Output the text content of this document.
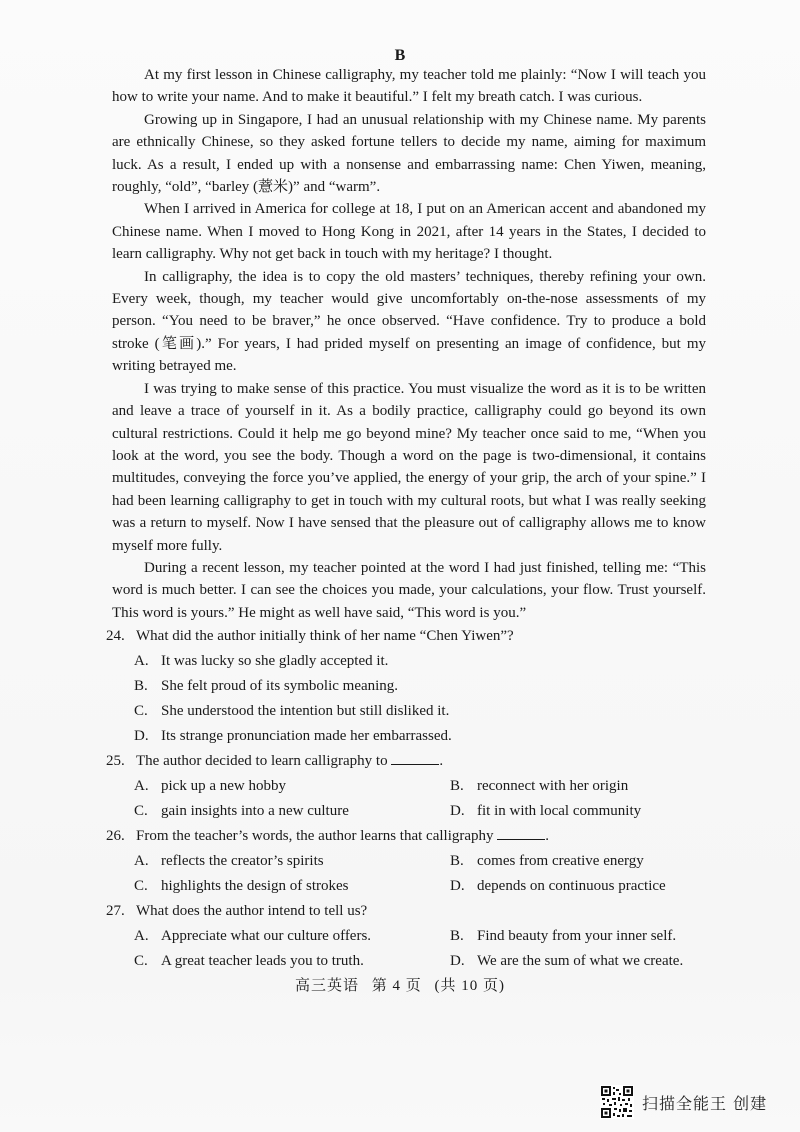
B

At my first lesson in Chinese calligraphy, my teacher told me plainly: “Now I will teach you how to write your name. And to make it beautiful.” I felt my breath catch. I was curious.

Growing up in Singapore, I had an unusual relationship with my Chinese name. My parents are ethnically Chinese, so they asked fortune tellers to decide my name, aiming for maximum luck. As a result, I ended up with a nonsense and embarrassing name: Chen Yiwen, meaning, roughly, “old”, “barley (薏米)” and “warm”.

When I arrived in America for college at 18, I put on an American accent and abandoned my Chinese name. When I moved to Hong Kong in 2021, after 14 years in the States, I decided to learn calligraphy. Why not get back in touch with my heritage? I thought.

In calligraphy, the idea is to copy the old masters’ techniques, thereby refining your own. Every week, though, my teacher would give uncomfortably on-the-nose assessments of my person. “You need to be braver,” he once observed. “Have confidence. Try to produce a bold stroke (笔画).” For years, I had prided myself on presenting an image of confidence, but my writing betrayed me.

I was trying to make sense of this practice. You must visualize the word as it is to be written and leave a trace of yourself in it. As a bodily practice, calligraphy could go beyond its own cultural restrictions. Could it help me go beyond mine? My teacher once said to me, “When you look at the word, you see the body. Though a word on the page is two-dimensional, it contains multitudes, conveying the force you’ve applied, the energy of your grip, the arch of your spine.” I had been learning calligraphy to get in touch with my cultural roots, but what I was really seeking was a return to myself. Now I have sensed that the pleasure out of calligraphy allows me to know myself more fully.

During a recent lesson, my teacher pointed at the word I had just finished, telling me: “This word is much better. I can see the choices you made, your calculations, your flow. Trust yourself. This word is yours.” He might as well have said, “This word is you.”

24. What did the author initially think of her name “Chen Yiwen”?
A. It was lucky so she gladly accepted it.
B. She felt proud of its symbolic meaning.
C. She understood the intention but still disliked it.
D. Its strange pronunciation made her embarrassed.
25. The author decided to learn calligraphy to	.
A. pick up a new hobby	B. reconnect with her origin
C. gain insights into a new culture	D. fit in with local community
26. From the teacher’s words, the author learns that calligraphy	.
A. reflects the creator’s spirits	B. comes from creative energy
C. highlights the design of strokes	D. depends on continuous practice
27. What does the author intend to tell us?
A. Appreciate what our culture offers.	B. Find beauty from your inner self.
C. A great teacher leads you to truth.	D. We are the sum of what we create.
高三英语 第 4 页 (共 10 页)
扫描全能王 创建
